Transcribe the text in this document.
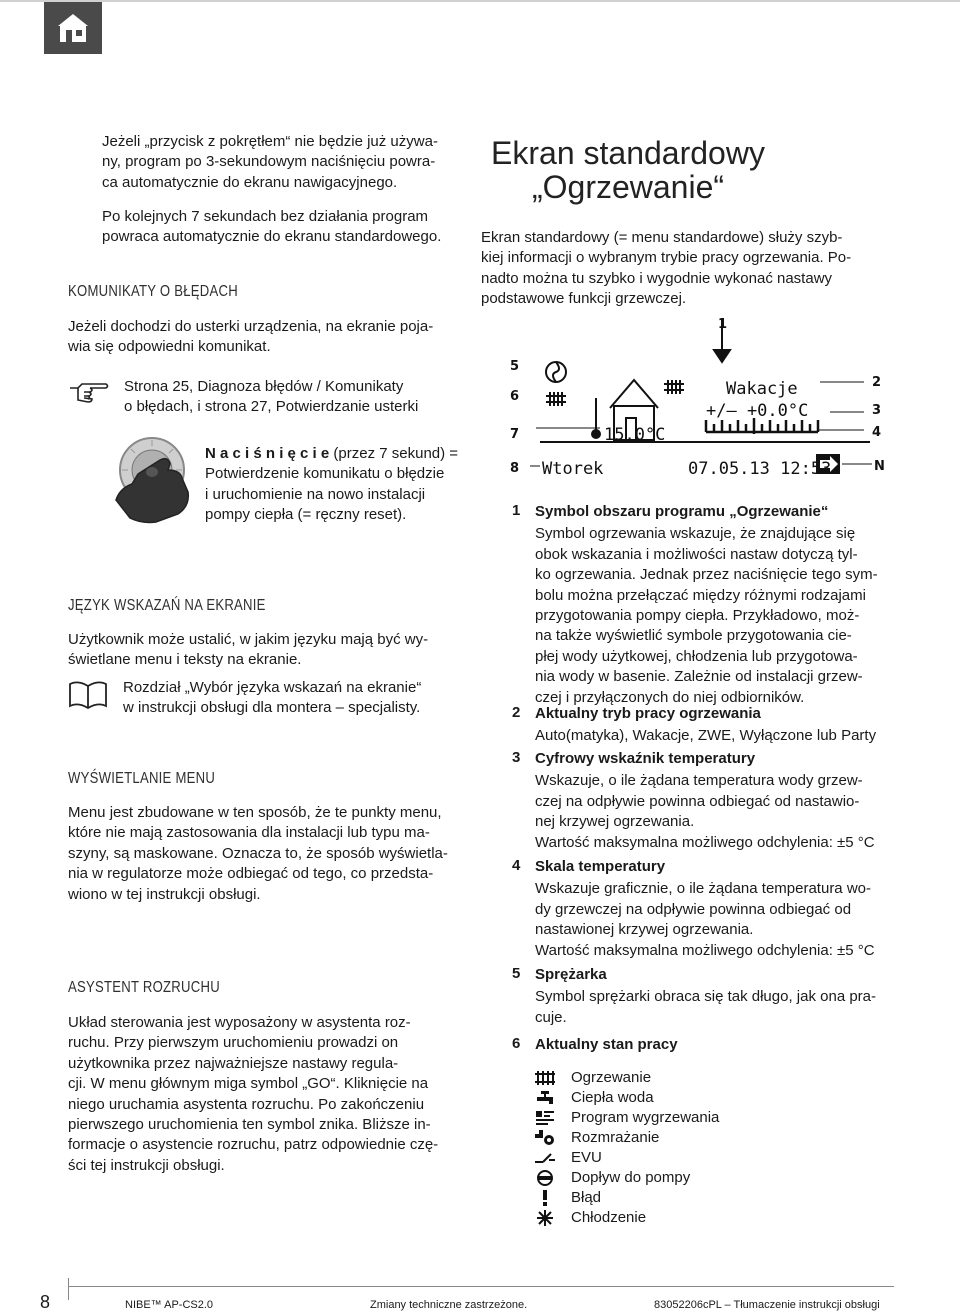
Jeżeli „przycisk z pokrętłem“ nie będzie już używa-
ny, program po 3-sekundowym naciśnięciu powra-
ca automatycznie do ekranu nawigacyjnego.
Po kolejnych 7 sekundach bez działania program
powraca automatycznie do ekranu standardowego.
KOMUNIKATY O BŁĘDACH
Jeżeli dochodzi do usterki urządzenia, na ekranie poja-
wia się odpowiedni komunikat.
Strona 25, Diagnoza błędów / Komunikaty
o błędach, i strona 27, Potwierdzanie usterki
N a c i ś n i ę c i e (przez 7 sekund) =
Potwierdzenie komunikatu o błędzie
i uruchomienie na nowo instalacji
pompy ciepła (= ręczny reset).
JĘZYK WSKAZAŃ NA EKRANIE
Użytkownik może ustalić, w jakim języku mają być wy-
świetlane menu i teksty na ekranie.
Rozdział „Wybór języka wskazań na ekranie“
w instrukcji obsługi dla montera – specjalisty.
WYŚWIETLANIE MENU
Menu jest zbudowane w ten sposób, że te punkty menu,
które nie mają zastosowania dla instalacji lub typu ma-
szyny, są maskowane. Oznacza to, że sposób wyświetla-
nia w regulatorze może odbiegać od tego, co przedsta-
wiono w tej instrukcji obsługi.
ASYSTENT ROZRUCHU
Układ sterowania jest wyposażony w asystenta roz-
ruchu. Przy pierwszym uruchomieniu prowadzi on
użytkownika przez najważniejsze nastawy regula-
cji. W menu głównym miga symbol „GO“. Kliknięcie na
niego uruchamia asystenta rozruchu. Po zakończeniu
pierwszego uruchomienia ten symbol znika. Bliższe in-
formacje o asystencie rozruchu, patrz odpowiednie czę-
ści tej instrukcji obsługi.
Ekran standardowy
„Ogrzewanie“
Ekran standardowy (= menu standardowe) służy szyb-
kiej informacji o wybranym trybie pracy ogrzewania. Po-
nadto można tu szybko i wygodnie wykonać nastawy
podstawowe funkcji grzewczej.
Wakacje
+/– +0.0°C
15.0°C
Wtorek	07.05.13 12:53
1
2
3
4
5
6
7
8	N
1 Symbol obszaru programu „Ogrzewanie“
Symbol ogrzewania wskazuje, że znajdujące się
obok wskazania i możliwości nastaw dotyczą tyl-
ko ogrzewania. Jednak przez naciśnięcie tego sym-
bolu można przełączać między różnymi rodzajami
przygotowania pompy ciepła. Przykładowo, moż-
na także wyświetlić symbole przygotowania cie-
płej wody użytkowej, chłodzenia lub przygotowa-
nia wody w basenie. Zależnie od instalacji grzew-
czej i przyłączonych do niej odbiorników.
2 Aktualny tryb pracy ogrzewania
Auto(matyka), Wakacje, ZWE, Wyłączone lub Party
3 Cyfrowy wskaźnik temperatury
Wskazuje, o ile żądana temperatura wody grzew-
czej na odpływie powinna odbiegać od nastawio-
nej krzywej ogrzewania.
Wartość maksymalna możliwego odchylenia: ±5 °C
4 Skala temperatury
Wskazuje graficznie, o ile żądana temperatura wo-
dy grzewczej na odpływie powinna odbiegać od
nastawionej krzywej ogrzewania.
Wartość maksymalna możliwego odchylenia: ±5 °C
5 Sprężarka
Symbol sprężarki obraca się tak długo, jak ona pra-
cuje.
6 Aktualny stan pracy
Ogrzewanie
Ciepła woda
Program wygrzewania
Rozmrażanie
EVU
Dopływ do pompy
Błąd
Chłodzenie
8	NIBE™ AP-CS2.0	Zmiany techniczne zastrzeżone.	83052206cPL – Tłumaczenie instrukcji obsługi
